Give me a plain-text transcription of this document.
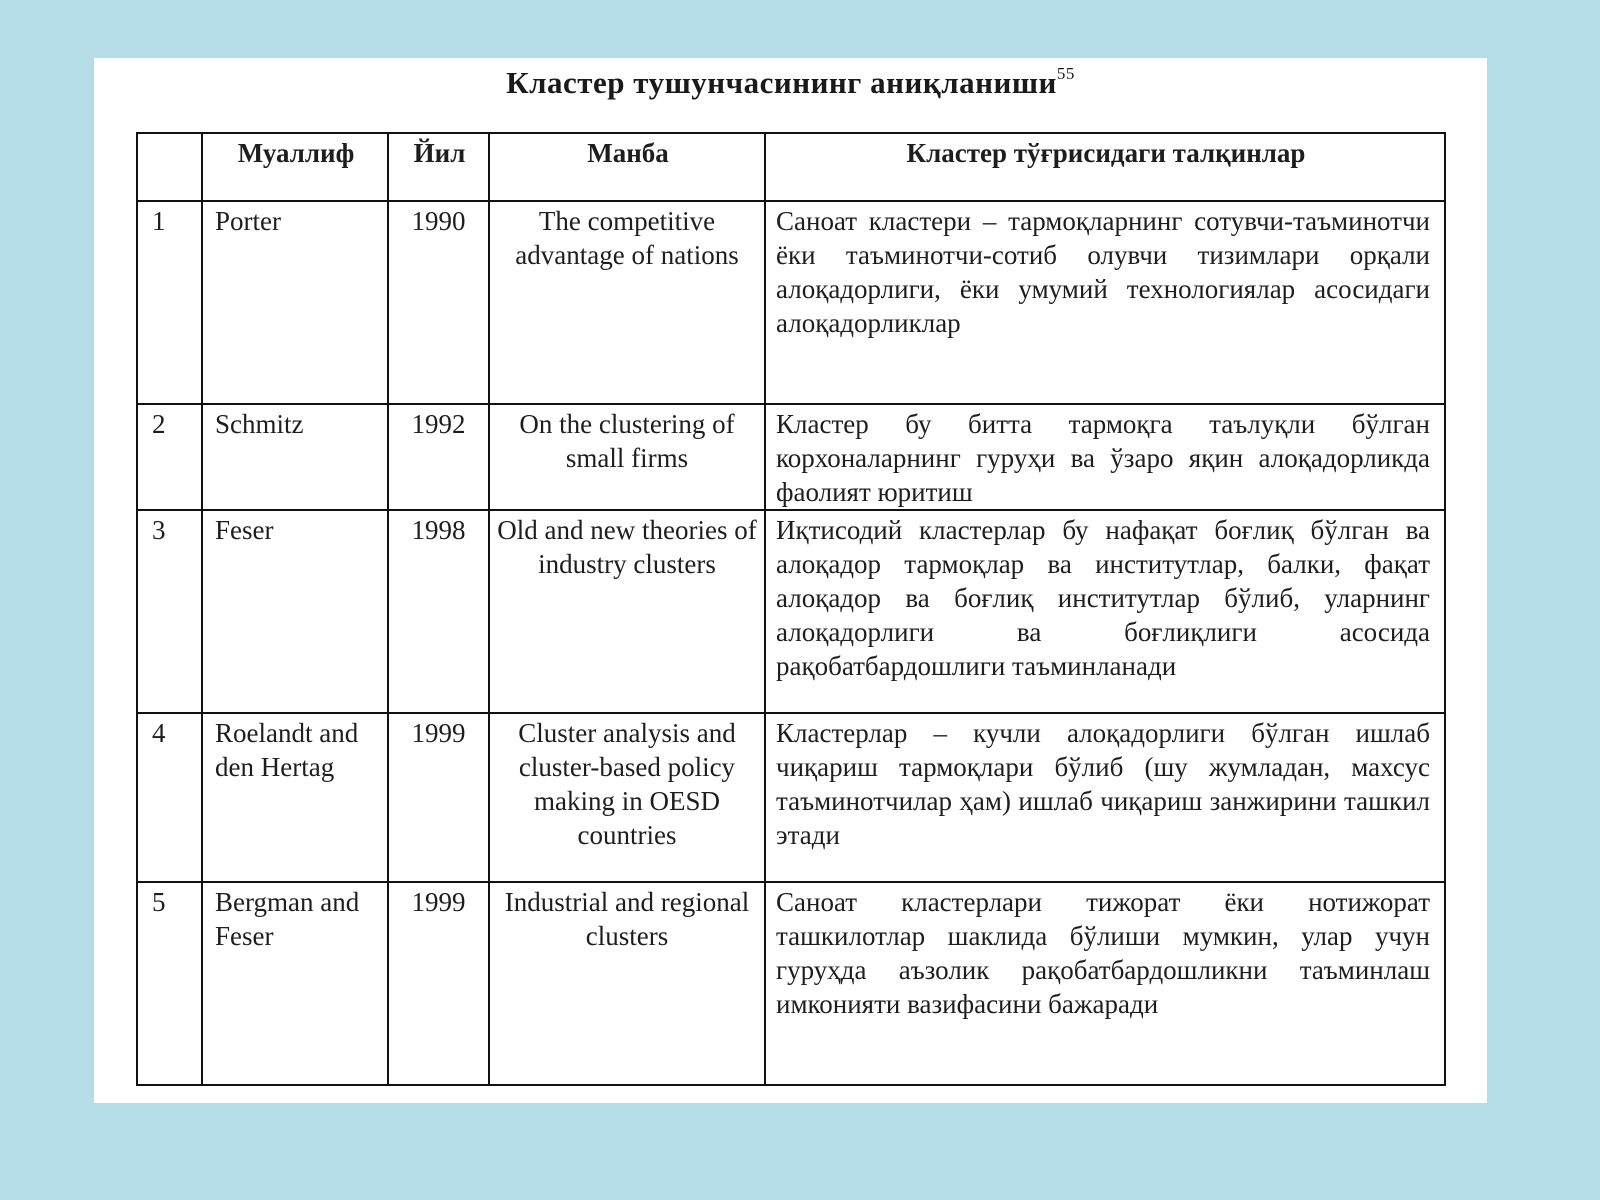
Кластер тушунчасининг аниқланиши$^{55}$
	Муаллиф	Йил	Манба	Кластер тўғрисидаги талқинлар
1	Porter	1990	The competitive advantage of nations	Саноат кластери – тармоқларнинг сотувчи-таъминотчи ёки таъминотчи-сотиб олувчи тизимлари орқали алоқадорлиги, ёки умумий технологиялар асосидаги алоқадорликлар
2	Schmitz	1992	On the clustering of small firms	Кластер бу битта тармоқга таълуқли бўлган корхоналарнинг гуруҳи ва ўзаро яқин алоқадорликда фаолият юритиш
3	Feser	1998	Old and new theories of industry clusters	Иқтисодий кластерлар бу нафақат боғлиқ бўлган ва алоқадор тармоқлар ва институтлар, балки, фақат алоқадор ва боғлиқ институтлар бўлиб, уларнинг алоқадорлиги ва боғлиқлиги асосида рақобатбардошлиги таъминланади
4	Roelandt and den Hertag	1999	Cluster analysis and cluster-based policy making in OESD countries	Кластерлар – кучли алоқадорлиги бўлган ишлаб чиқариш тармоқлари бўлиб (шу жумладан, махсус таъминотчилар ҳам) ишлаб чиқариш занжирини ташкил этади
5	Bergman and Feser	1999	Industrial and regional clusters	Саноат кластерлари тижорат ёки нотижорат ташкилотлар шаклида бўлиши мумкин, улар учун гуруҳда аъзолик рақобатбардошликни таъминлаш имконияти вазифасини бажаради
